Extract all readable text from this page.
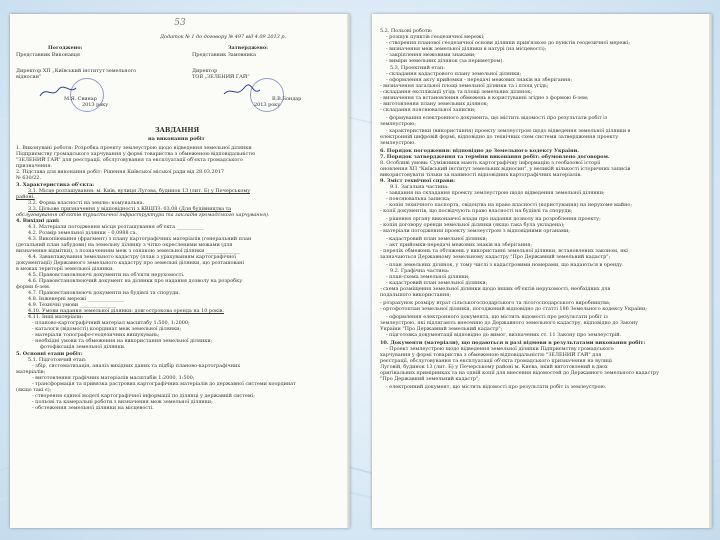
53
Додаток № 1 до договору № 497 від 4.09 2013 р.
Погоджено:	Затверджено:
Представник Виконавця	Представник Замовника
Директор ХП „Київський інститут земельного	Директор
відносин”	ТОВ „ЗЕЛЕНИЙ ГАЙ”
М.Я. Свинар	В.В.Бондар
2013 року	2013 року
ЗАВДАННЯ
на виконання робіт
1. Виконувані роботи: Розробка проекту землеустрою щодо відведення земельної ділянки
Підприємству громадського харчування у формі товариства з обмеженою відповідальністю
"ЗЕЛЕНИЙ ГАЙ" для реєстрації, обслуговування та експлуатації об'єкта громадського
призначення.
2. Підстава для виконання робіт: Рішення Київської міської ради від 28.03.2017
№ 630/22.
3. Характеристика об'єкта:
3.1. Місце розташування: м. Київ, вулиця Лугова, будинок 13 (лит. Б) у Печерському
районі.
3.2. Форма власності на землю: комунальна.
3.3. Цільове призначення у відповідності з КВЦПЗ: 03.08 (Для будівництва та
обслуговування об'єктів туристичної інфраструктури та закладів громадського харчування).
4. Вихідні дані:
4.1. Матеріали погодження місця розташування об'єкта ___________
4.2. Розмір земельної ділянки – 0,0988 га.
4.3. Викопіювання (фрагмент) з плану картографічних матеріалів (генеральний план
(детальний план забудови) на земельну ділянку з чітко окресленими межами (для
визначення відмітки), з позначенням меж з ознакою земельної ділянки ______________
4.4. Завантажування земельного кадастру (план з урахуванням картографічної
документації) Державного земельного кадастру про земельні ділянки, що розташовані
в межах території земельної ділянки.
4.5. Правовстановлюючі документи на об'єкти нерухомості.
4.6. Правовстановлюючий документ на ділянки про надання дозволу на розробку
форми 6-зем.
4.7. Правовстановлюючі документи на будівлі та споруди.
4.8. Інженерні мережі _______________
4.9. Технічні умови _______________
4.10. Умови надання земельної ділянки: довгострокова оренда на 10 років.
4.11. Інші матеріали:
- планово-картографічний матеріал масштабу 1:500, 1:2000;
- каталоги (відомості) координат меж земельної ділянки;
- матеріали топографо-геодезичних вишукувань;
- необхідні умови та обмеження на використання земельної ділянки;
фотофіксація земельної ділянки.
5. Основні етапи робіт:
5.1. Підготовчий етап:
- збір, систематизація, аналіз вихідних даних та підбір планово-картографічних
матеріалів;
- виготовлення графічних матеріалів масштабів 1:2000, 1:500;
- трансформація та привязка растрових картографічних матеріалів до державної системи координат
(якщо такі є);
- створення єдиної моделі картографічної інформації по ділянці у державній системі;
- польові та камеральні роботи з визначення меж земельної ділянки;
- обстеження земельної ділянки на місцевості.
5.2. Польові роботи:
- розшук пунктів геодезичної мережі;
- створення планової геодезичної основи ділянки прив'язкою до пунктів геодезичної мережі;
- визначення меж земельної ділянки в натурі (на місцевості);
- закріплення межовими знаками;
- виміри земельних ділянок (за периметром).
5.3. Проектний етап:
- складання кадастрового плану земельної ділянки;
- оформлення акту прийомки - передачі межових знаків на зберігання;
- визначення загальної площі земельної ділянки та і площ угідь;
- складання експлікації угідь та площі земельних ділянок;
- визначення та встановлення обмежень в користуванні згідно з формою 6-зем;
- виготовлення плану земельних ділянок;
- складання пояснювальної записки;
- формування електронного документа, що містить відомості про результати робіт із
землеустрою;
- характеристики (використання) проекту землеустрою щодо відведення земельної ділянки в
електронній цифровій формі, відповідно до технічних схем системи затвердження проекту
землеустрою.
6. Порядок погодження: відповідно до Земельного кодексу України.
7. Порядок затвердження та терміни виконання робіт: обумовлено договором.
8. Особливі умови: Суміжники мають картографічну інформацію з геобазової історії
оновлення ХП "Київський інститут земельних відносин", у великій кількості історичних записів
використовувати тільки за наявності відповідних картографічних матеріалів.
9. Зміст технічної справи:
9.1. Загальна частина:
- завдання на складання проекту землеустрою щодо відведення земельної ділянки;
- пояснювальна записка;
- копія технічного паспорта, свідоцтва на право власності (користування) на нерухоме майно;
- копії документів, що посвідчують право власності на будівлі та споруди;
- рішення органу виконавчої влади про надання дозволу на розроблення проекту;
- копія договору оренди земельної ділянки (якщо така була укладена);
- матеріали погодження проекту землеустрою з відповідними органами;
- кадастровий план земельної ділянки;
- акт прийомки-передачі межових знаків на зберігання;
- перелік обмежень та обтяжень у використанні земельної ділянки, встановлених законом, які
зазначаються Державному земельному кадастру "Про Державний земельний кадастр";
- план земельних ділянок, у тому числі з кадастровими номерами, що надаються в оренду.
9.2. Графічна частина:
- план-схема земельної ділянки;
- кадастровий план земельної ділянки;
- схема розміщення земельної ділянки щодо інших об'єктів нерухомості, необхідних для
подальшого використання;
- розрахунок розміру втрат сільськогосподарського та лісогосподарського виробництва;
- ортофотоплан земельної ділянки, погоджений відповідно до статті 186 Земельного кодексу України;
- оформлення електронного документа, що містить відомості про результати робіт із
землеустрою, які підлягають внесенню до Державного земельного кадастру, відповідно до Закону
України "Про Державний земельний кадастр";
- підготовка документації відповідно до вимог, визначених ст. 11 Закону про землеустрій.
10. Документи (матеріали), що подаються в разі відмови в результатами виконання робіт:
- Проект землеустрою щодо відведення земельної ділянки Підприємству громадського
харчування у формі товариства з обмеженою відповідальністю "ЗЕЛЕНИЙ ГАЙ" для
реєстрації, обслуговування та експлуатації об'єкта громадського призначення на вулиці
Луговій, будинок 13 (лит. Б) у Печерському районі м. Києва, який виготовлений в двох
оригінальних примірниках та на одній копії для внесення відомостей до Державного земельного кадастру
"Про Державний земельний кадастр";
- електронний документ, що містить відомості про результати робіт із землеустрою.
